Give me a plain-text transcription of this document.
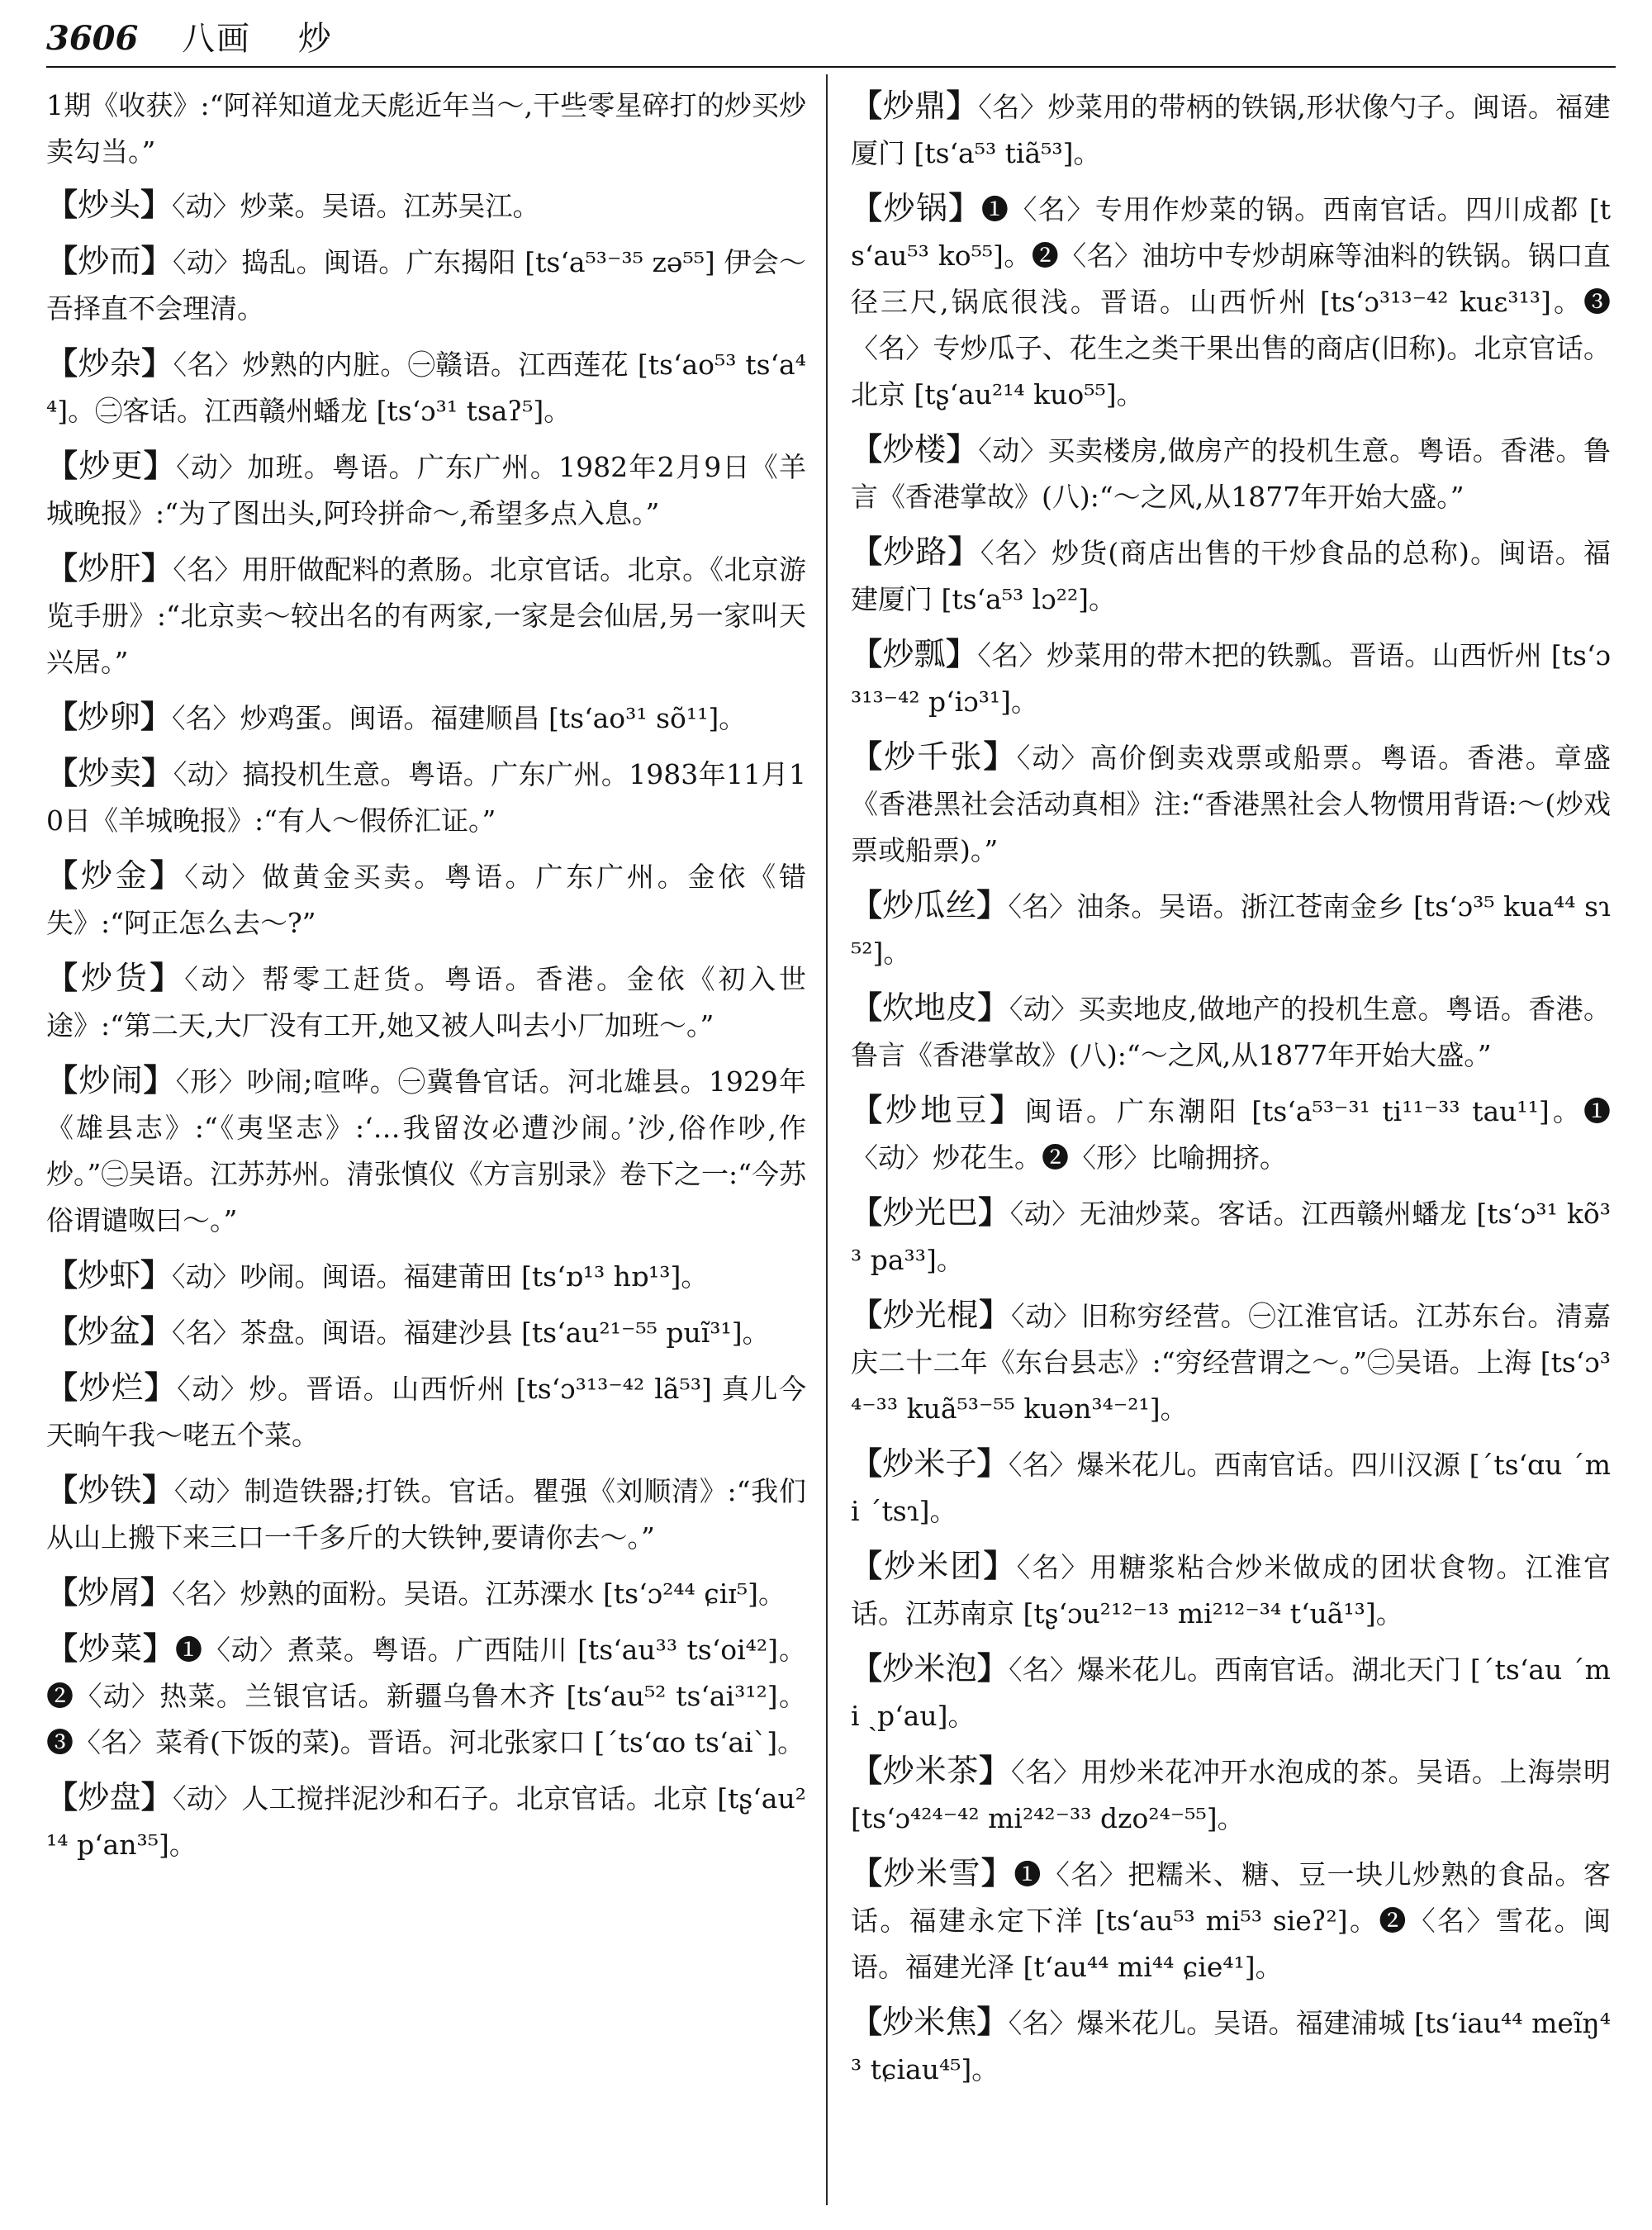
3606 八画 炒
1期《收获》:“阿祥知道龙天彪近年当～,干些零星碎打的炒买炒卖勾当。”
【炒头】〈动〉炒菜。吴语。江苏吴江。
【炒而】〈动〉捣乱。闽语。广东揭阳 [ts‘a⁵³⁻³⁵ zə⁵⁵] 伊会～吾择直不会理清。
【炒杂】〈名〉炒熟的内脏。㊀赣语。江西莲花 [ts‘ao⁵³ ts‘a⁴⁴]。㊁客话。江西赣州蟠龙 [ts‘ɔ³¹ tsaʔ⁵]。
【炒更】〈动〉加班。粤语。广东广州。1982年2月9日《羊城晚报》:“为了图出头,阿玲拼命～,希望多点入息。”
【炒肝】〈名〉用肝做配料的煮肠。北京官话。北京。《北京游览手册》:“北京卖～较出名的有两家,一家是会仙居,另一家叫天兴居。”
【炒卵】〈名〉炒鸡蛋。闽语。福建顺昌 [ts‘ao³¹ sõ¹¹]。
【炒卖】〈动〉搞投机生意。粤语。广东广州。1983年11月10日《羊城晚报》:“有人～假侨汇证。”
【炒金】〈动〉做黄金买卖。粤语。广东广州。金依《错失》:“阿正怎么去～?”
【炒货】〈动〉帮零工赶货。粤语。香港。金依《初入世途》:“第二天,大厂没有工开,她又被人叫去小厂加班～。”
【炒闹】〈形〉吵闹;喧哗。㊀冀鲁官话。河北雄县。1929年《雄县志》:“《夷坚志》:‘…我留汝必遭沙闹。’沙,俗作吵,作炒。”㊁吴语。江苏苏州。清张慎仪《方言别录》卷下之一:“今苏俗谓谴呶曰～。”
【炒虾】〈动〉吵闹。闽语。福建莆田 [ts‘ɒ¹³ hɒ¹³]。
【炒盆】〈名〉茶盘。闽语。福建沙县 [ts‘au²¹⁻⁵⁵ puĩ³¹]。
【炒烂】〈动〉炒。晋语。山西忻州 [ts‘ɔ³¹³⁻⁴² lã⁵³] 真儿今天晌午我～咾五个菜。
【炒铁】〈动〉制造铁器;打铁。官话。瞿强《刘顺清》:“我们从山上搬下来三口一千多斤的大铁钟,要请你去～。”
【炒屑】〈名〉炒熟的面粉。吴语。江苏溧水 [ts‘ɔ²⁴⁴ ɕiɪ⁵]。
【炒菜】❶〈动〉煮菜。粤语。广西陆川 [ts‘au³³ ts‘oi⁴²]。❷〈动〉热菜。兰银官话。新疆乌鲁木齐 [ts‘au⁵² ts‘ai³¹²]。❸〈名〉菜肴(下饭的菜)。晋语。河北张家口 [ˊts‘ɑo ts‘aiˋ]。
【炒盘】〈动〉人工搅拌泥沙和石子。北京官话。北京 [tʂ‘au²¹⁴ p‘an³⁵]。
【炒鼎】〈名〉炒菜用的带柄的铁锅,形状像勺子。闽语。福建厦门 [ts‘a⁵³ tiã⁵³]。
【炒锅】❶〈名〉专用作炒菜的锅。西南官话。四川成都 [ts‘au⁵³ ko⁵⁵]。❷〈名〉油坊中专炒胡麻等油料的铁锅。锅口直径三尺,锅底很浅。晋语。山西忻州 [ts‘ɔ³¹³⁻⁴² kuɛ³¹³]。❸〈名〉专炒瓜子、花生之类干果出售的商店(旧称)。北京官话。北京 [tʂ‘au²¹⁴ kuo⁵⁵]。
【炒楼】〈动〉买卖楼房,做房产的投机生意。粤语。香港。鲁言《香港掌故》(八):“～之风,从1877年开始大盛。”
【炒路】〈名〉炒货(商店出售的干炒食品的总称)。闽语。福建厦门 [ts‘a⁵³ lɔ²²]。
【炒瓢】〈名〉炒菜用的带木把的铁瓢。晋语。山西忻州 [ts‘ɔ³¹³⁻⁴² p‘iɔ³¹]。
【炒千张】〈动〉高价倒卖戏票或船票。粤语。香港。章盛《香港黑社会活动真相》注:“香港黑社会人物惯用背语:～(炒戏票或船票)。”
【炒瓜丝】〈名〉油条。吴语。浙江苍南金乡 [ts‘ɔ³⁵ kua⁴⁴ sɿ⁵²]。
【炊地皮】〈动〉买卖地皮,做地产的投机生意。粤语。香港。鲁言《香港掌故》(八):“～之风,从1877年开始大盛。”
【炒地豆】闽语。广东潮阳 [ts‘a⁵³⁻³¹ ti¹¹⁻³³ tau¹¹]。❶〈动〉炒花生。❷〈形〉比喻拥挤。
【炒光巴】〈动〉无油炒菜。客话。江西赣州蟠龙 [ts‘ɔ³¹ kõ³³ pa³³]。
【炒光棍】〈动〉旧称穷经营。㊀江淮官话。江苏东台。清嘉庆二十二年《东台县志》:“穷经营谓之～。”㊁吴语。上海 [ts‘ɔ³⁴⁻³³ kuã⁵³⁻⁵⁵ kuən³⁴⁻²¹]。
【炒米子】〈名〉爆米花儿。西南官话。四川汉源 [ˊts‘ɑu ˊmi ˊtsɿ]。
【炒米团】〈名〉用糖浆粘合炒米做成的团状食物。江淮官话。江苏南京 [tʂ‘ɔu²¹²⁻¹³ mi²¹²⁻³⁴ t‘uã¹³]。
【炒米泡】〈名〉爆米花儿。西南官话。湖北天门 [ˊts‘au ˊmi ˏp‘au]。
【炒米茶】〈名〉用炒米花冲开水泡成的茶。吴语。上海崇明 [ts‘ɔ⁴²⁴⁻⁴² mi²⁴²⁻³³ dzo²⁴⁻⁵⁵]。
【炒米雪】❶〈名〉把糯米、糖、豆一块儿炒熟的食品。客话。福建永定下洋 [ts‘au⁵³ mi⁵³ sieʔ²]。❷〈名〉雪花。闽语。福建光泽 [t‘au⁴⁴ mi⁴⁴ ɕie⁴¹]。
【炒米焦】〈名〉爆米花儿。吴语。福建浦城 [ts‘iau⁴⁴ meĩŋ⁴³ tɕiau⁴⁵]。
